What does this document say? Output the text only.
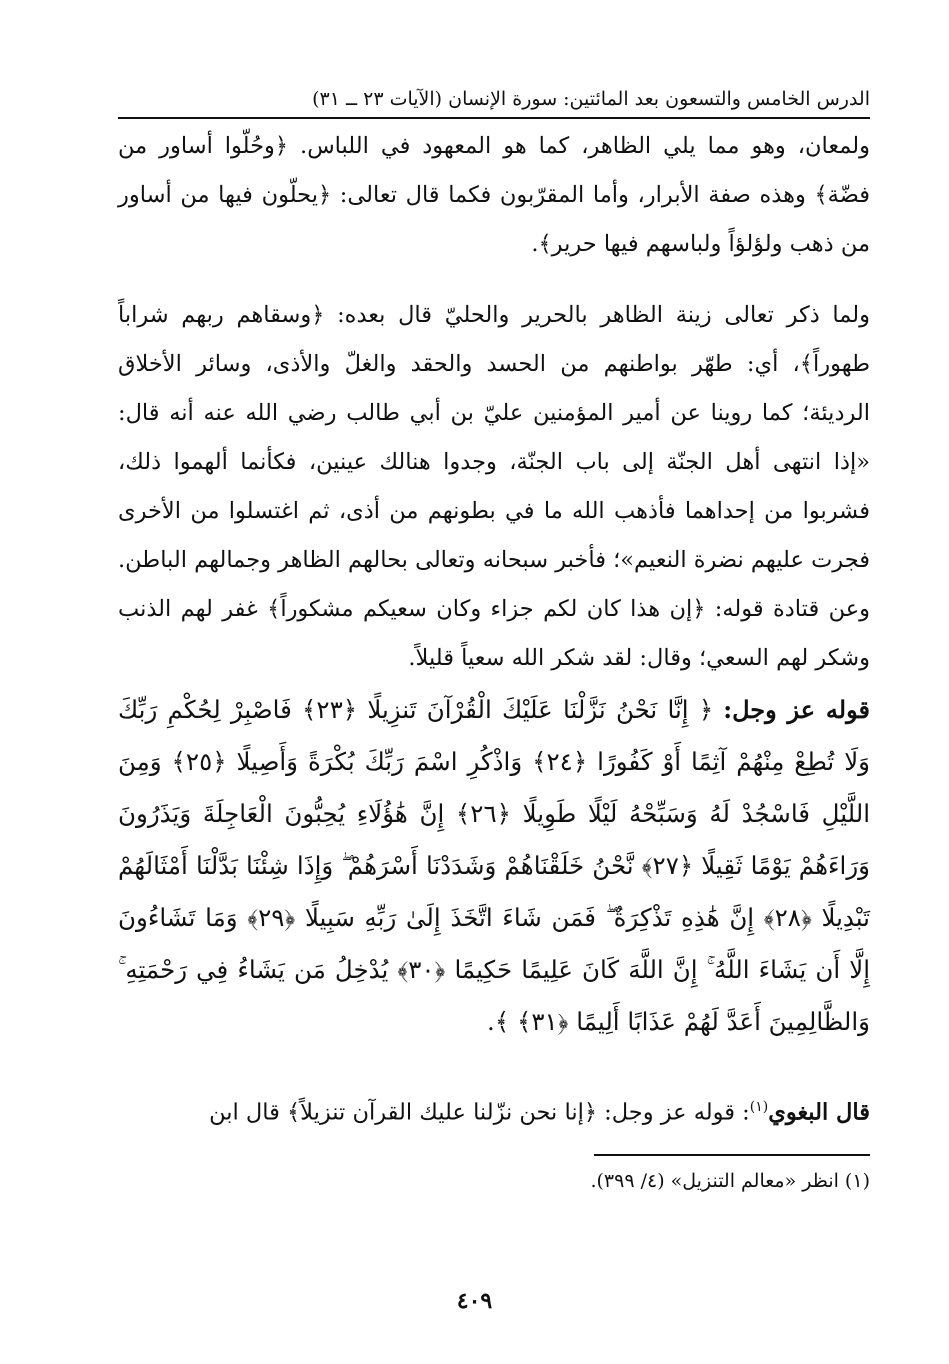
الدرس الخامس والتسعون بعد المائتين: سورة الإنسان (الآيات ٢٣ ــ ٣١)
ولمعان، وهو مما يلي الظاهر، كما هو المعهود في اللباس. ﴿وحُلّوا أساور من فضّة﴾ وهذه صفة الأبرار، وأما المقرّبون فكما قال تعالى: ﴿يحلّون فيها من أساور من ذهب ولؤلؤاً ولباسهم فيها حرير﴾.
ولما ذكر تعالى زينة الظاهر بالحرير والحليّ قال بعده: ﴿وسقاهم ربهم شراباً طهوراً﴾، أي: طهّر بواطنهم من الحسد والحقد والغلّ والأذى، وسائر الأخلاق الرديئة؛ كما روينا عن أمير المؤمنين عليّ بن أبي طالب رضي الله عنه أنه قال: «إذا انتهى أهل الجنّة إلى باب الجنّة، وجدوا هنالك عينين، فكأنما ألهموا ذلك، فشربوا من إحداهما فأذهب الله ما في بطونهم من أذى، ثم اغتسلوا من الأخرى فجرت عليهم نضرة النعيم»؛ فأخبر سبحانه وتعالى بحالهم الظاهر وجمالهم الباطن. وعن قتادة قوله: ﴿إن هذا كان لكم جزاء وكان سعيكم مشكوراً﴾ غفر لهم الذنب وشكر لهم السعي؛ وقال: لقد شكر الله سعياً قليلاً.
قوله عز وجل: ﴿ إِنَّا نَحْنُ نَزَّلْنَا عَلَيْكَ الْقُرْآنَ تَنزِيلًا ﴿٢٣﴾ فَاصْبِرْ لِحُكْمِ رَبِّكَ وَلَا تُطِعْ مِنْهُمْ آثِمًا أَوْ كَفُورًا ﴿٢٤﴾ وَاذْكُرِ اسْمَ رَبِّكَ بُكْرَةً وَأَصِيلًا ﴿٢٥﴾ وَمِنَ اللَّيْلِ فَاسْجُدْ لَهُ وَسَبِّحْهُ لَيْلًا طَوِيلًا ﴿٢٦﴾ إِنَّ هَٰؤُلَاءِ يُحِبُّونَ الْعَاجِلَةَ وَيَذَرُونَ وَرَاءَهُمْ يَوْمًا ثَقِيلًا ﴿٢٧﴾ نَّحْنُ خَلَقْنَاهُمْ وَشَدَدْنَا أَسْرَهُمْ ۖ وَإِذَا شِئْنَا بَدَّلْنَا أَمْثَالَهُمْ تَبْدِيلًا ﴿٢٨﴾ إِنَّ هَٰذِهِ تَذْكِرَةٌ ۖ فَمَن شَاءَ اتَّخَذَ إِلَىٰ رَبِّهِ سَبِيلًا ﴿٢٩﴾ وَمَا تَشَاءُونَ إِلَّا أَن يَشَاءَ اللَّهُ ۚ إِنَّ اللَّهَ كَانَ عَلِيمًا حَكِيمًا ﴿٣٠﴾ يُدْخِلُ مَن يَشَاءُ فِي رَحْمَتِهِ ۚ وَالظَّالِمِينَ أَعَدَّ لَهُمْ عَذَابًا أَلِيمًا ﴿٣١﴾ ﴾.
قال البغوي$^{(١)}$: قوله عز وجل: ﴿إنا نحن نزّلنا عليك القرآن تنزيلاً﴾ قال ابن
(١) انظر «معالم التنزيل» (٤/ ٣٩٩).
٤٠٩
